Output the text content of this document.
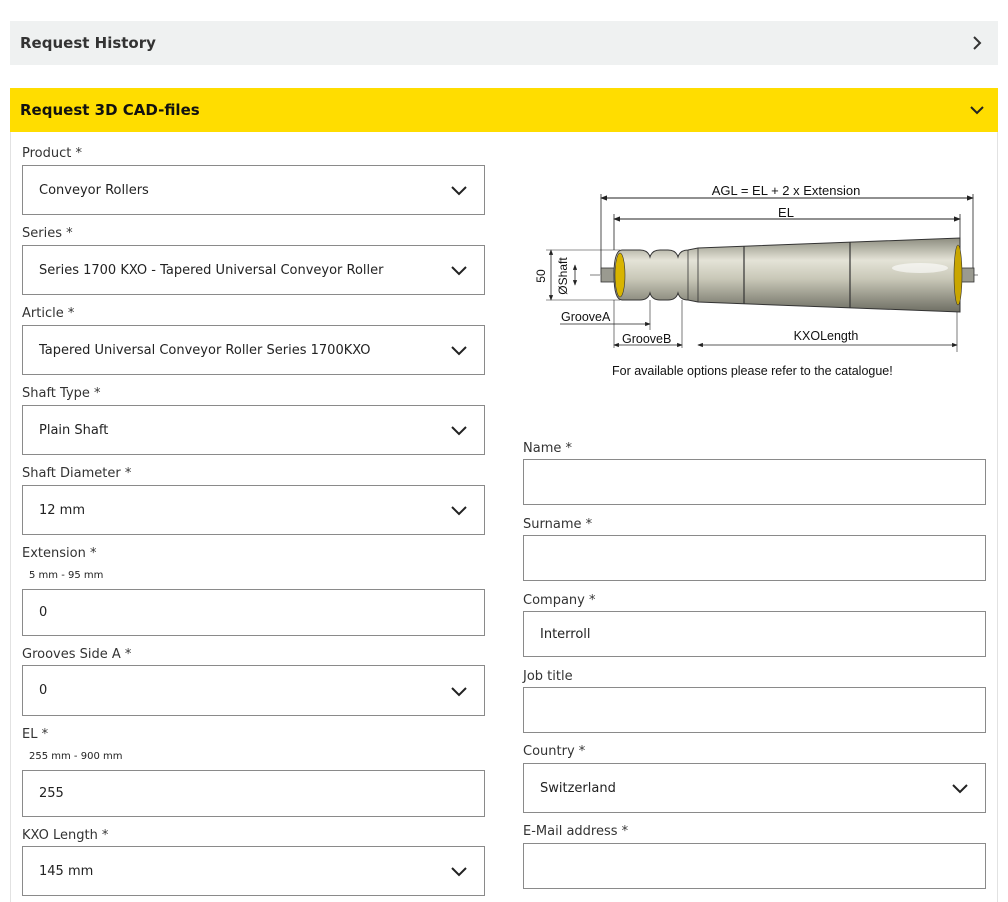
Request History
Request 3D CAD-files
Product *
Conveyor Rollers
Series *
Series 1700 KXO - Tapered Universal Conveyor Roller
Article *
Tapered Universal Conveyor Roller Series 1700KXO
Shaft Type *
Plain Shaft
Shaft Diameter *
12 mm
Extension *
5 mm - 95 mm
0
Grooves Side A *
0
EL *
255 mm - 900 mm
255
KXO Length *
145 mm
AGL = EL + 2 x Extension
EL
50 ØShaft
GrooveA
GrooveB	KXOLength
For available options please refer to the catalogue!
Name *
Surname *
Company *
Interroll
Job title
Country *
Switzerland
E-Mail address *
